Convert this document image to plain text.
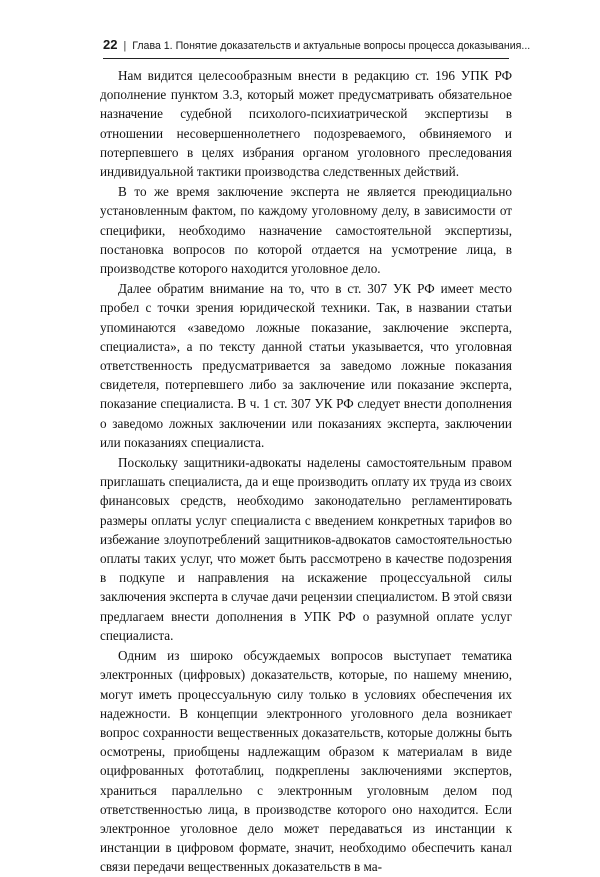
22 | Глава 1. Понятие доказательств и актуальные вопросы процесса доказывания...

Нам видится целесообразным внести в редакцию ст. 196 УПК РФ дополнение пунктом 3.3, который может предусматривать обязательное назначение судебной психолого-психиатрической экспертизы в отношении несовершеннолетнего подозреваемого, обвиняемого и потерпевшего в целях избрания органом уголовного преследования индивидуальной тактики производства следственных действий.

В то же время заключение эксперта не является преюдициально установленным фактом, по каждому уголовному делу, в зависимости от специфики, необходимо назначение самостоятельной экспертизы, постановка вопросов по которой отдается на усмотрение лица, в производстве которого находится уголовное дело.

Далее обратим внимание на то, что в ст. 307 УК РФ имеет место пробел с точки зрения юридической техники. Так, в названии статьи упоминаются «заведомо ложные показание, заключение эксперта, специалиста», а по тексту данной статьи указывается, что уголовная ответственность предусматривается за заведомо ложные показания свидетеля, потерпевшего либо за заключение или показание эксперта, показание специалиста. В ч. 1 ст. 307 УК РФ следует внести дополнения о заведомо ложных заключении или показаниях эксперта, заключении или показаниях специалиста.

Поскольку защитники-адвокаты наделены самостоятельным правом приглашать специалиста, да и еще производить оплату их труда из своих финансовых средств, необходимо законодательно регламентировать размеры оплаты услуг специалиста с введением конкретных тарифов во избежание злоупотреблений защитников-адвокатов самостоятельностью оплаты таких услуг, что может быть рассмотрено в качестве подозрения в подкупе и направления на искажение процессуальной силы заключения эксперта в случае дачи рецензии специалистом. В этой связи предлагаем внести дополнения в УПК РФ о разумной оплате услуг специалиста.

Одним из широко обсуждаемых вопросов выступает тематика электронных (цифровых) доказательств, которые, по нашему мнению, могут иметь процессуальную силу только в условиях обеспечения их надежности. В концепции электронного уголовного дела возникает вопрос сохранности вещественных доказательств, которые должны быть осмотрены, приобщены надлежащим образом к материалам в виде оцифрованных фототаблиц, подкреплены заключениями экспертов, храниться параллельно с электронным уголовным делом под ответственностью лица, в производстве которого оно находится. Если электронное уголовное дело может передаваться из инстанции к инстанции в цифровом формате, значит, необходимо обеспечить канал связи передачи вещественных доказательств в ма-
